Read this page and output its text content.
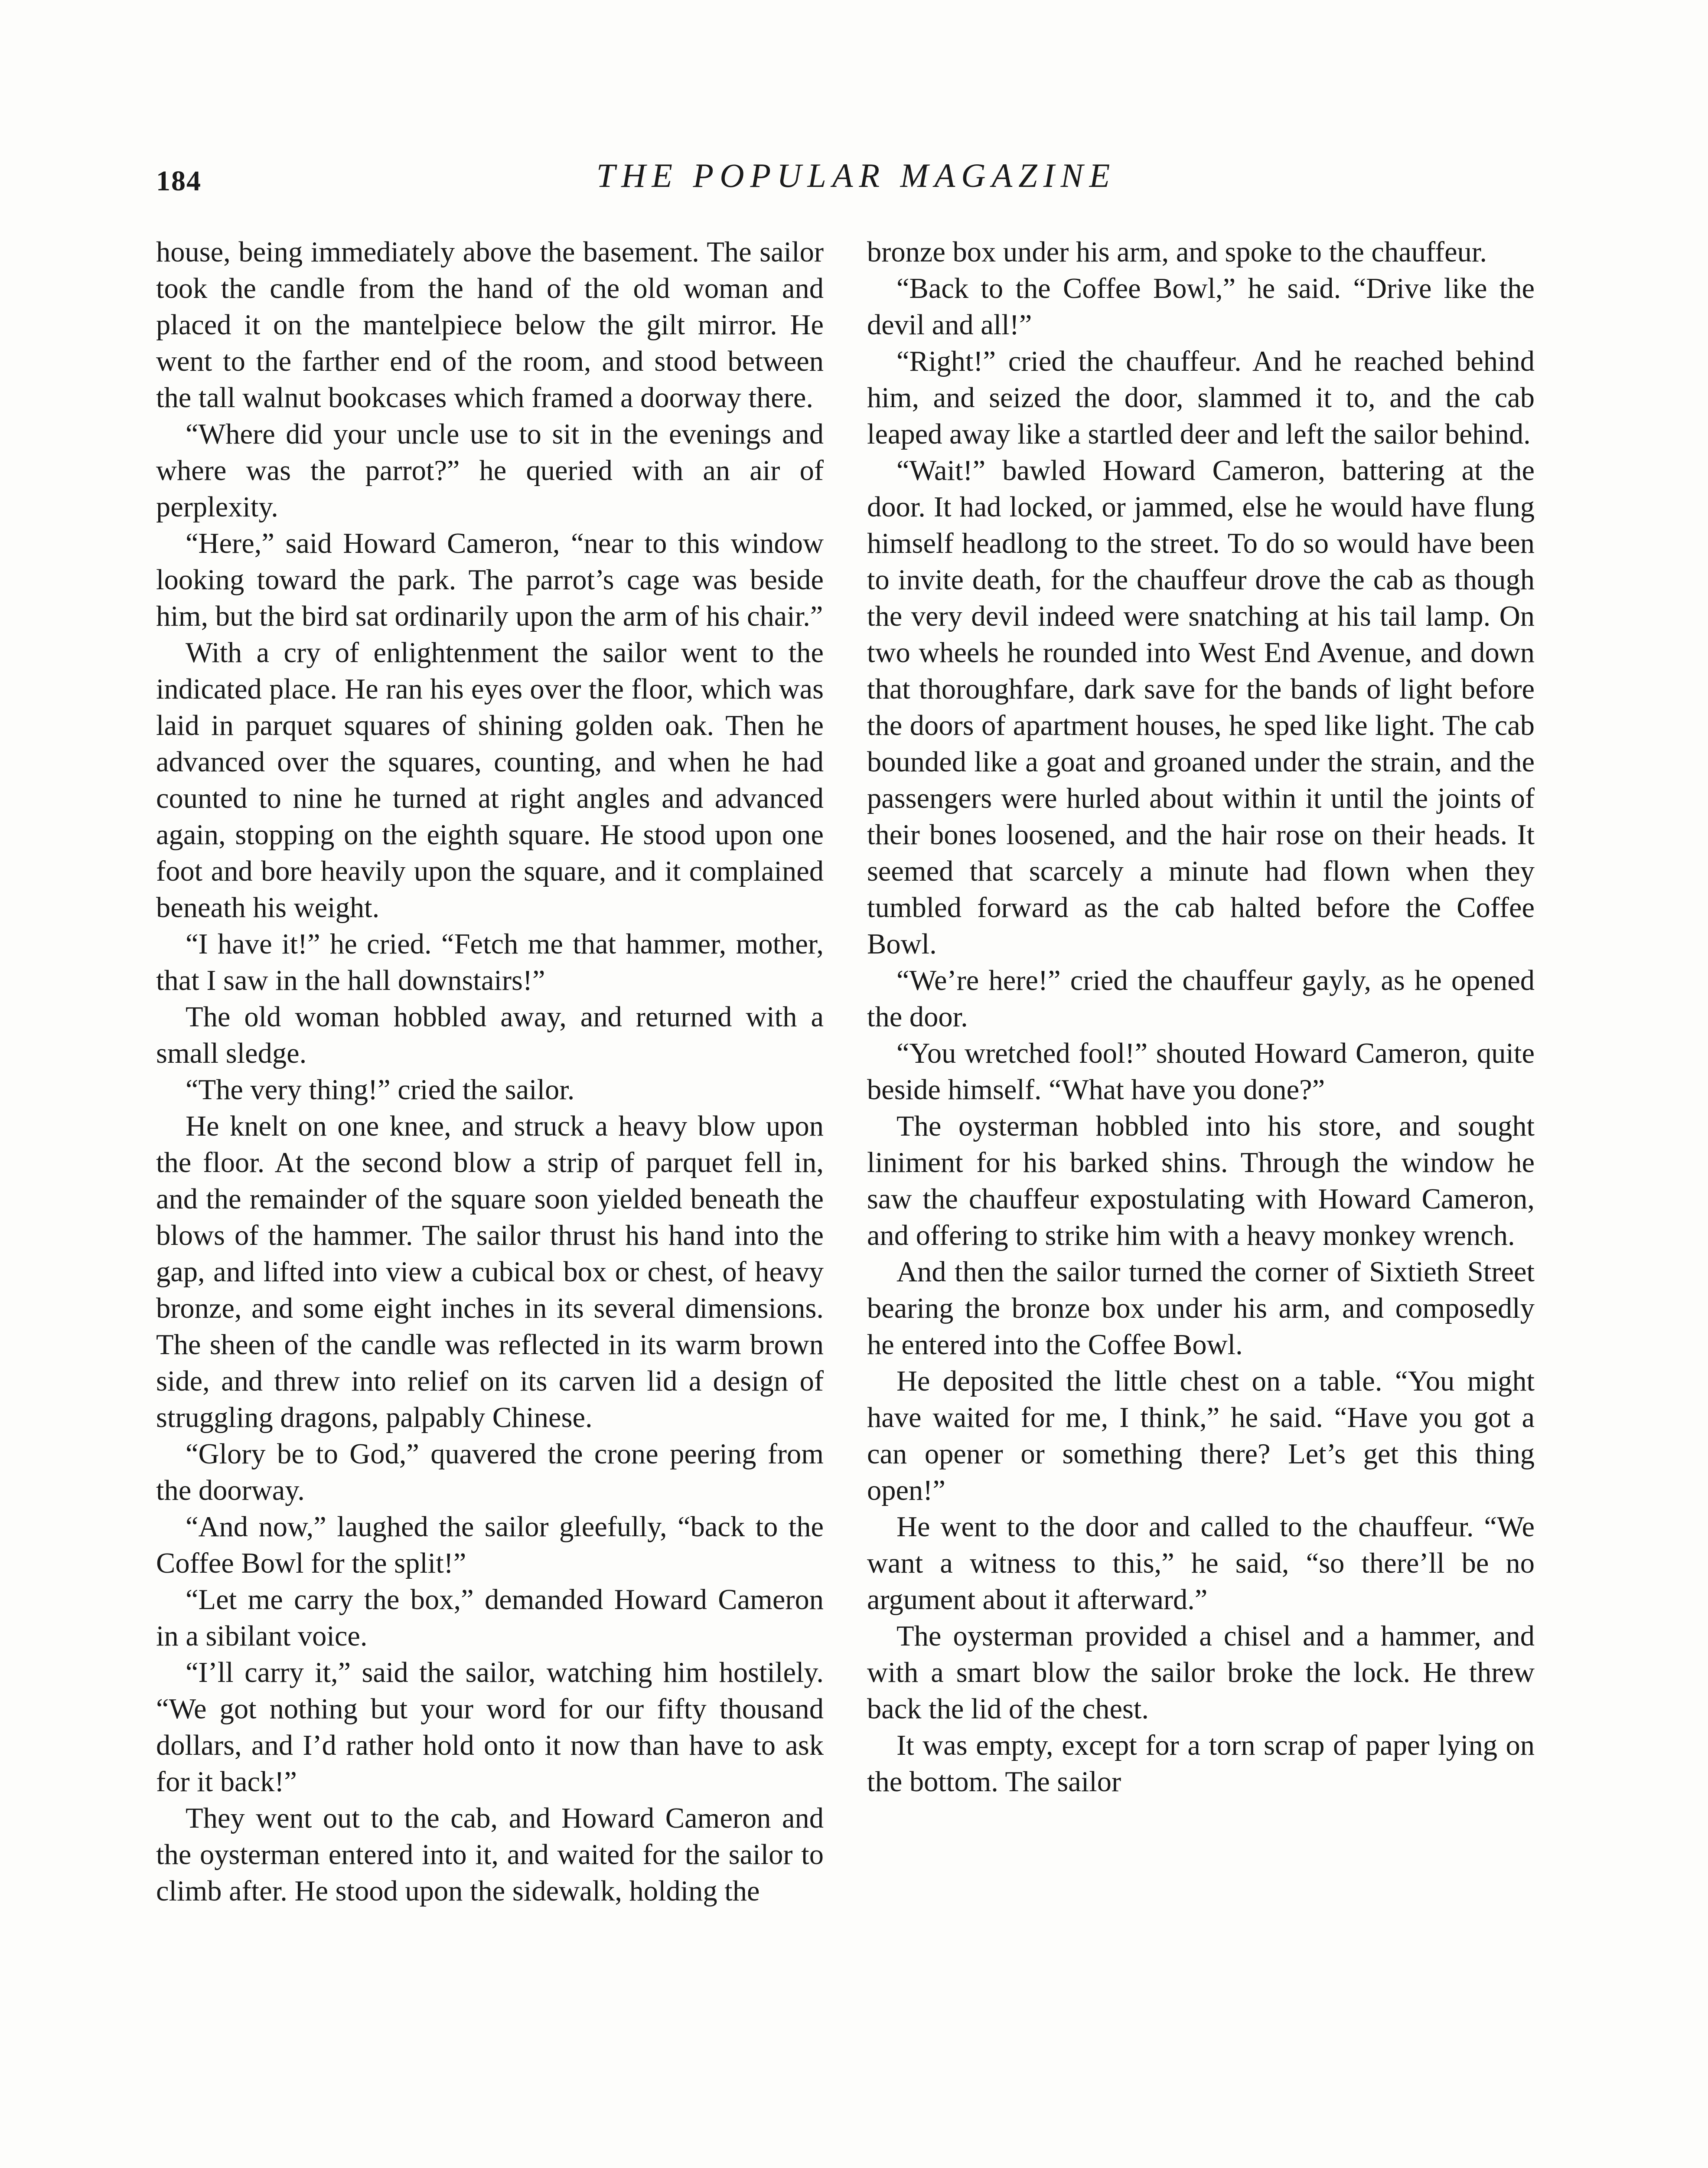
184	THE POPULAR MAGAZINE

house, being immediately above the basement. The sailor took the candle from the hand of the old woman and placed it on the mantelpiece below the gilt mirror. He went to the farther end of the room, and stood between the tall walnut bookcases which framed a doorway there.

“Where did your uncle use to sit in the evenings and where was the parrot?” he queried with an air of perplexity.

“Here,” said Howard Cameron, “near to this window looking toward the park. The parrot’s cage was beside him, but the bird sat ordinarily upon the arm of his chair.”

With a cry of enlightenment the sailor went to the indicated place. He ran his eyes over the floor, which was laid in parquet squares of shining golden oak. Then he advanced over the squares, counting, and when he had counted to nine he turned at right angles and advanced again, stopping on the eighth square. He stood upon one foot and bore heavily upon the square, and it complained beneath his weight.

“I have it!” he cried. “Fetch me that hammer, mother, that I saw in the hall downstairs!”

The old woman hobbled away, and returned with a small sledge.

“The very thing!” cried the sailor.

He knelt on one knee, and struck a heavy blow upon the floor. At the second blow a strip of parquet fell in, and the remainder of the square soon yielded beneath the blows of the hammer. The sailor thrust his hand into the gap, and lifted into view a cubical box or chest, of heavy bronze, and some eight inches in its several dimensions. The sheen of the candle was reflected in its warm brown side, and threw into relief on its carven lid a design of struggling dragons, palpably Chinese.

“Glory be to God,” quavered the crone peering from the doorway.

“And now,” laughed the sailor gleefully, “back to the Coffee Bowl for the split!”

“Let me carry the box,” demanded Howard Cameron in a sibilant voice.

“I’ll carry it,” said the sailor, watching him hostilely. “We got nothing but your word for our fifty thousand dollars, and I’d rather hold onto it now than have to ask for it back!”

They went out to the cab, and Howard Cameron and the oysterman entered into it, and waited for the sailor to climb after. He stood upon the sidewalk, holding the

bronze box under his arm, and spoke to the chauffeur.

“Back to the Coffee Bowl,” he said. “Drive like the devil and all!”

“Right!” cried the chauffeur. And he reached behind him, and seized the door, slammed it to, and the cab leaped away like a startled deer and left the sailor behind.

“Wait!” bawled Howard Cameron, battering at the door. It had locked, or jammed, else he would have flung himself headlong to the street. To do so would have been to invite death, for the chauffeur drove the cab as though the very devil indeed were snatching at his tail lamp. On two wheels he rounded into West End Avenue, and down that thoroughfare, dark save for the bands of light before the doors of apartment houses, he sped like light. The cab bounded like a goat and groaned under the strain, and the passengers were hurled about within it until the joints of their bones loosened, and the hair rose on their heads. It seemed that scarcely a minute had flown when they tumbled forward as the cab halted before the Coffee Bowl.

“We’re here!” cried the chauffeur gayly, as he opened the door.

“You wretched fool!” shouted Howard Cameron, quite beside himself. “What have you done?”

The oysterman hobbled into his store, and sought liniment for his barked shins. Through the window he saw the chauffeur expostulating with Howard Cameron, and offering to strike him with a heavy monkey wrench.

And then the sailor turned the corner of Sixtieth Street bearing the bronze box under his arm, and composedly he entered into the Coffee Bowl.

He deposited the little chest on a table. “You might have waited for me, I think,” he said. “Have you got a can opener or something there? Let’s get this thing open!”

He went to the door and called to the chauffeur. “We want a witness to this,” he said, “so there’ll be no argument about it afterward.”

The oysterman provided a chisel and a hammer, and with a smart blow the sailor broke the lock. He threw back the lid of the chest.

It was empty, except for a torn scrap of paper lying on the bottom. The sailor
